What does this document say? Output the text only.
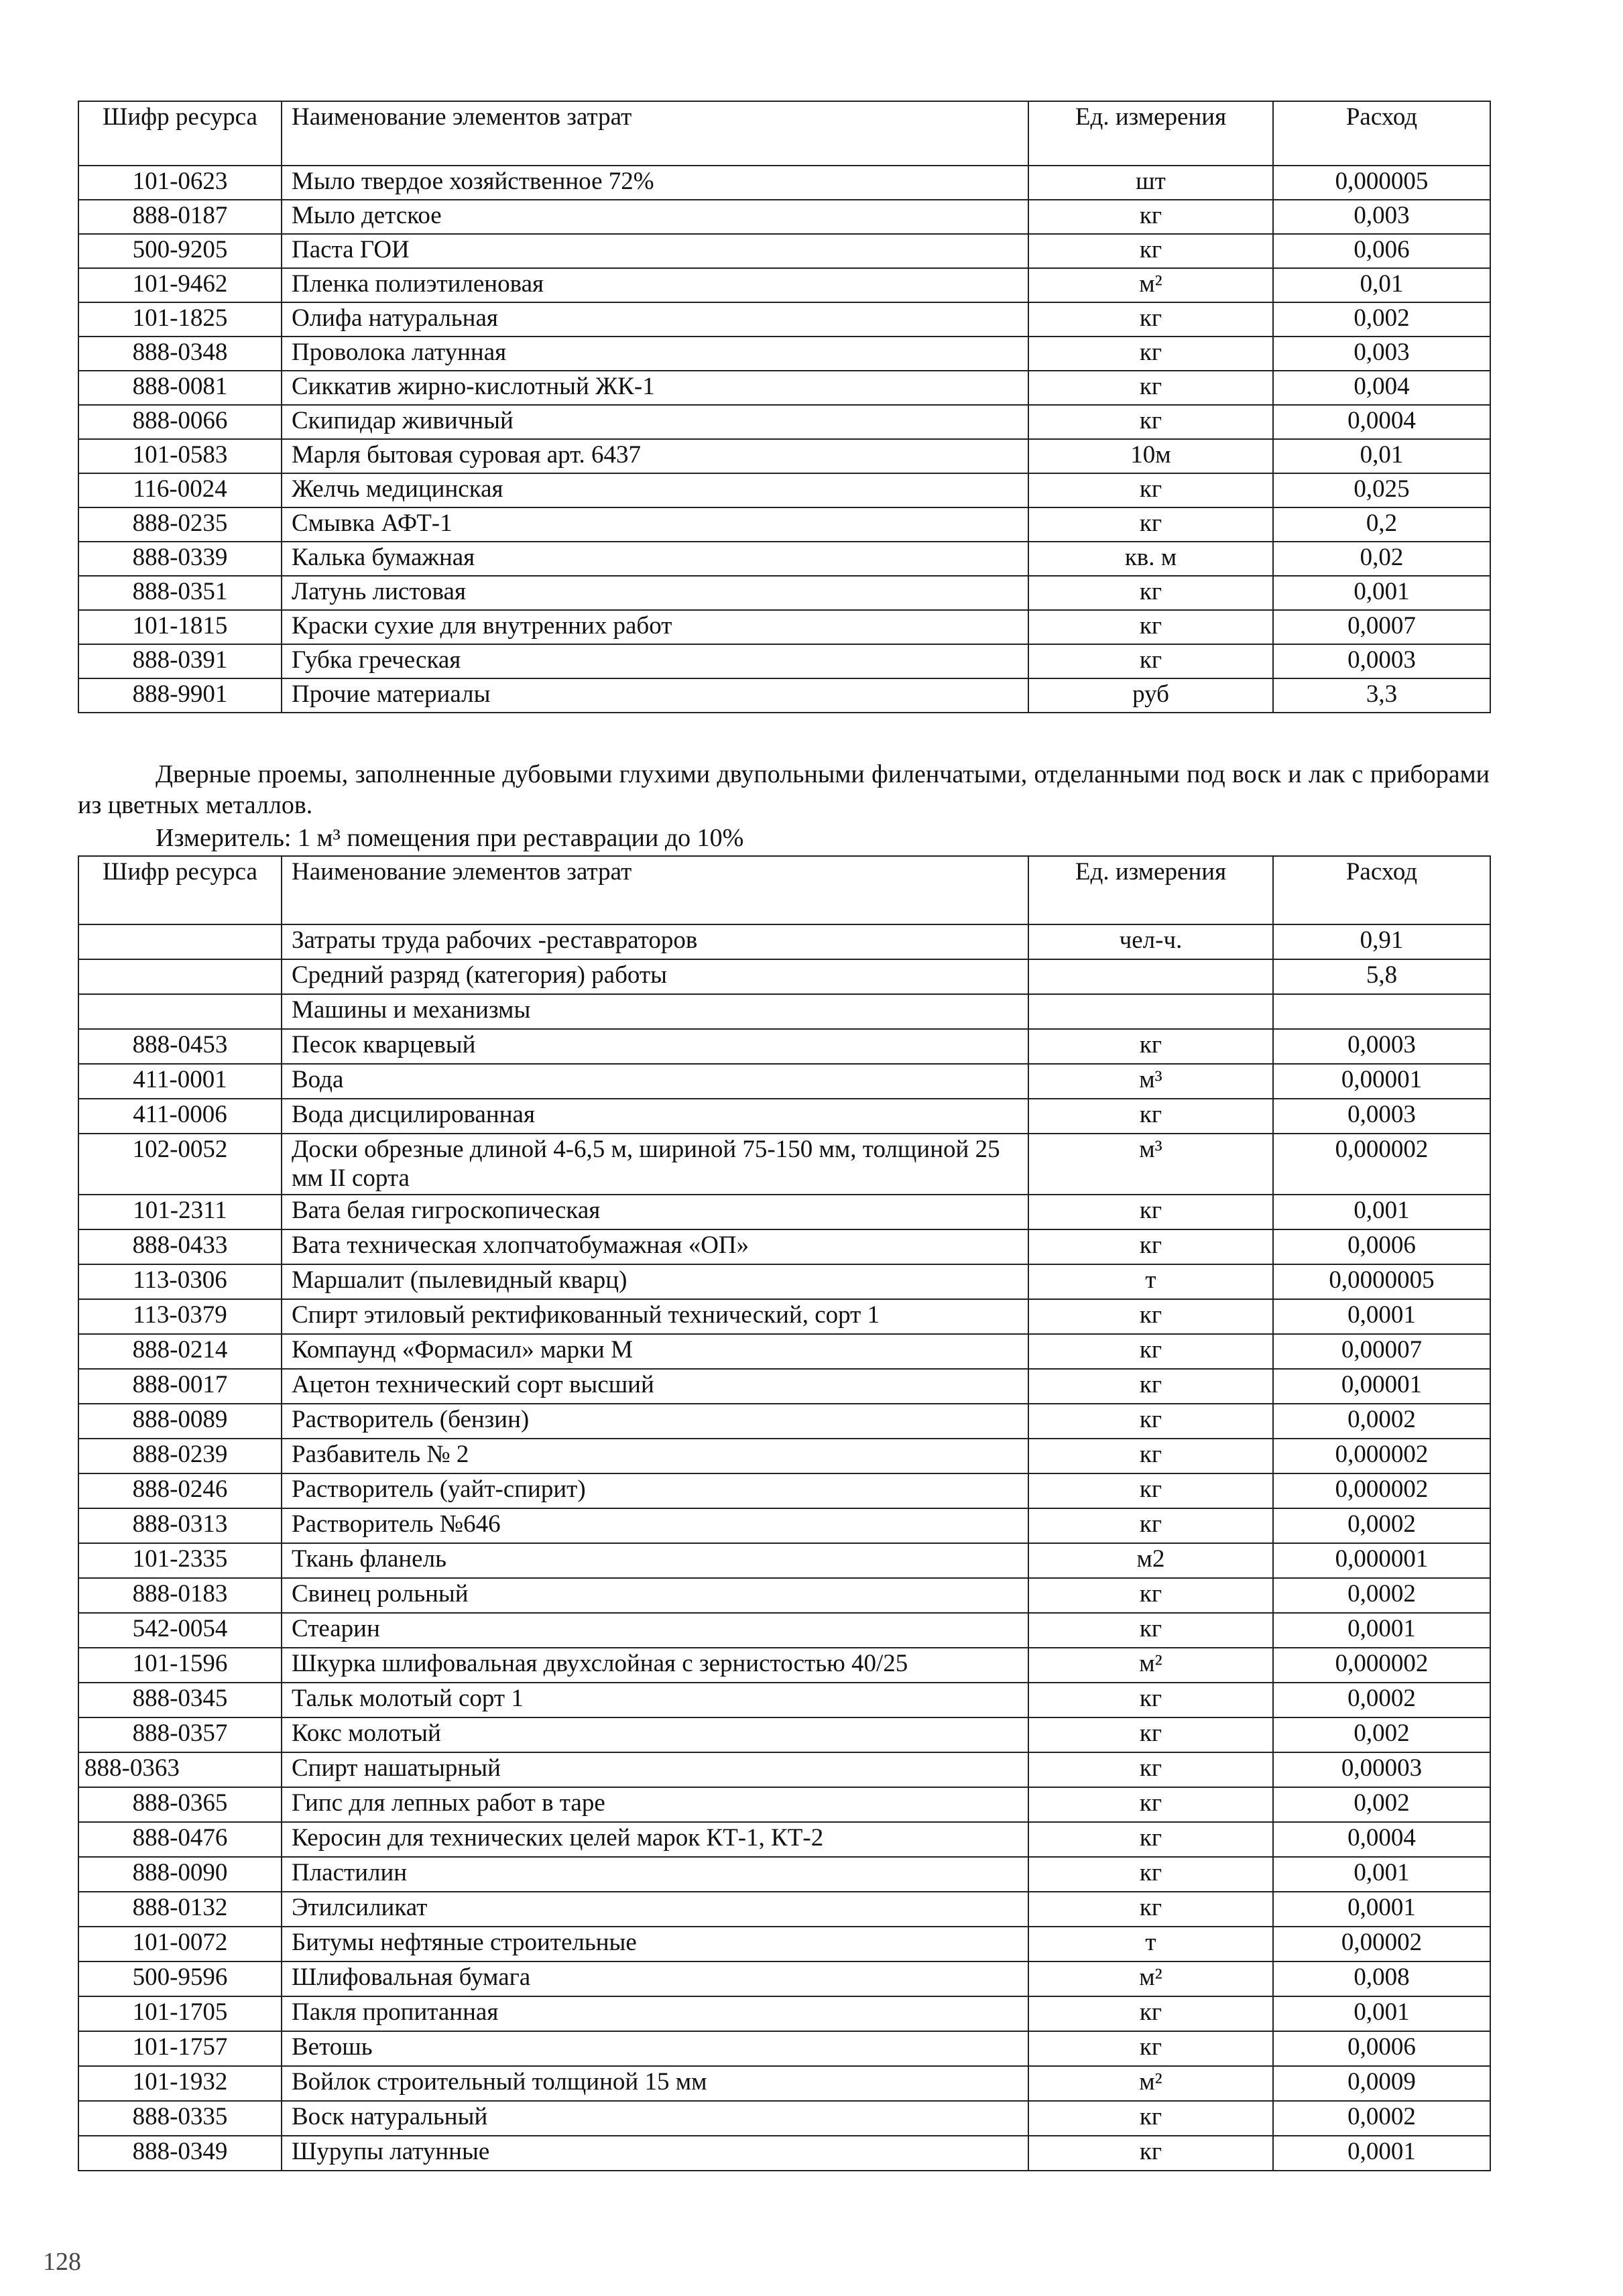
Шифр ресурса	Наименование элементов затрат	Ед. измерения	Расход
101-0623	Мыло твердое хозяйственное 72%	шт	0,000005
888-0187	Мыло детское	кг	0,003
500-9205	Паста ГОИ	кг	0,006
101-9462	Пленка полиэтиленовая	м²	0,01
101-1825	Олифа натуральная	кг	0,002
888-0348	Проволока латунная	кг	0,003
888-0081	Сиккатив жирно-кислотный ЖК-1	кг	0,004
888-0066	Скипидар живичный	кг	0,0004
101-0583	Марля бытовая суровая арт. 6437	10м	0,01
116-0024	Желчь медицинская	кг	0,025
888-0235	Смывка АФТ-1	кг	0,2
888-0339	Калька бумажная	кв. м	0,02
888-0351	Латунь листовая	кг	0,001
101-1815	Краски сухие для внутренних работ	кг	0,0007
888-0391	Губка греческая	кг	0,0003
888-9901	Прочие материалы	руб	3,3
Дверные проемы, заполненные дубовыми глухими двупольными филенчатыми, отделанными под воск и лак с приборами из цветных металлов.
Измеритель: 1 м³ помещения при реставрации до 10%
Шифр ресурса	Наименование элементов затрат	Ед. измерения	Расход
	Затраты труда рабочих -реставраторов	чел-ч.	0,91
	Средний разряд (категория) работы		5,8
	Машины и механизмы		
888-0453	Песок кварцевый	кг	0,0003
411-0001	Вода	м³	0,00001
411-0006	Вода дисцилированная	кг	0,0003
102-0052	Доски обрезные длиной 4-6,5 м, шириной 75-150 мм, толщиной 25 мм II сорта	м³	0,000002
101-2311	Вата белая гигроскопическая	кг	0,001
888-0433	Вата техническая хлопчатобумажная «ОП»	кг	0,0006
113-0306	Маршалит (пылевидный кварц)	т	0,0000005
113-0379	Спирт этиловый ректификованный технический, сорт 1	кг	0,0001
888-0214	Компаунд «Формасил» марки М	кг	0,00007
888-0017	Ацетон технический сорт высший	кг	0,00001
888-0089	Растворитель (бензин)	кг	0,0002
888-0239	Разбавитель № 2	кг	0,000002
888-0246	Растворитель (уайт-спирит)	кг	0,000002
888-0313	Растворитель №646	кг	0,0002
101-2335	Ткань фланель	м2	0,000001
888-0183	Свинец рольный	кг	0,0002
542-0054	Стеарин	кг	0,0001
101-1596	Шкурка шлифовальная двухслойная с зернистостью 40/25	м²	0,000002
888-0345	Тальк молотый сорт 1	кг	0,0002
888-0357	Кокс молотый	кг	0,002
888-0363	Спирт нашатырный	кг	0,00003
888-0365	Гипс для лепных работ в таре	кг	0,002
888-0476	Керосин для технических целей марок КТ-1, КТ-2	кг	0,0004
888-0090	Пластилин	кг	0,001
888-0132	Этилсиликат	кг	0,0001
101-0072	Битумы нефтяные строительные	т	0,00002
500-9596	Шлифовальная бумага	м²	0,008
101-1705	Пакля пропитанная	кг	0,001
101-1757	Ветошь	кг	0,0006
101-1932	Войлок строительный толщиной 15 мм	м²	0,0009
888-0335	Воск натуральный	кг	0,0002
888-0349	Шурупы латунные	кг	0,0001
128
